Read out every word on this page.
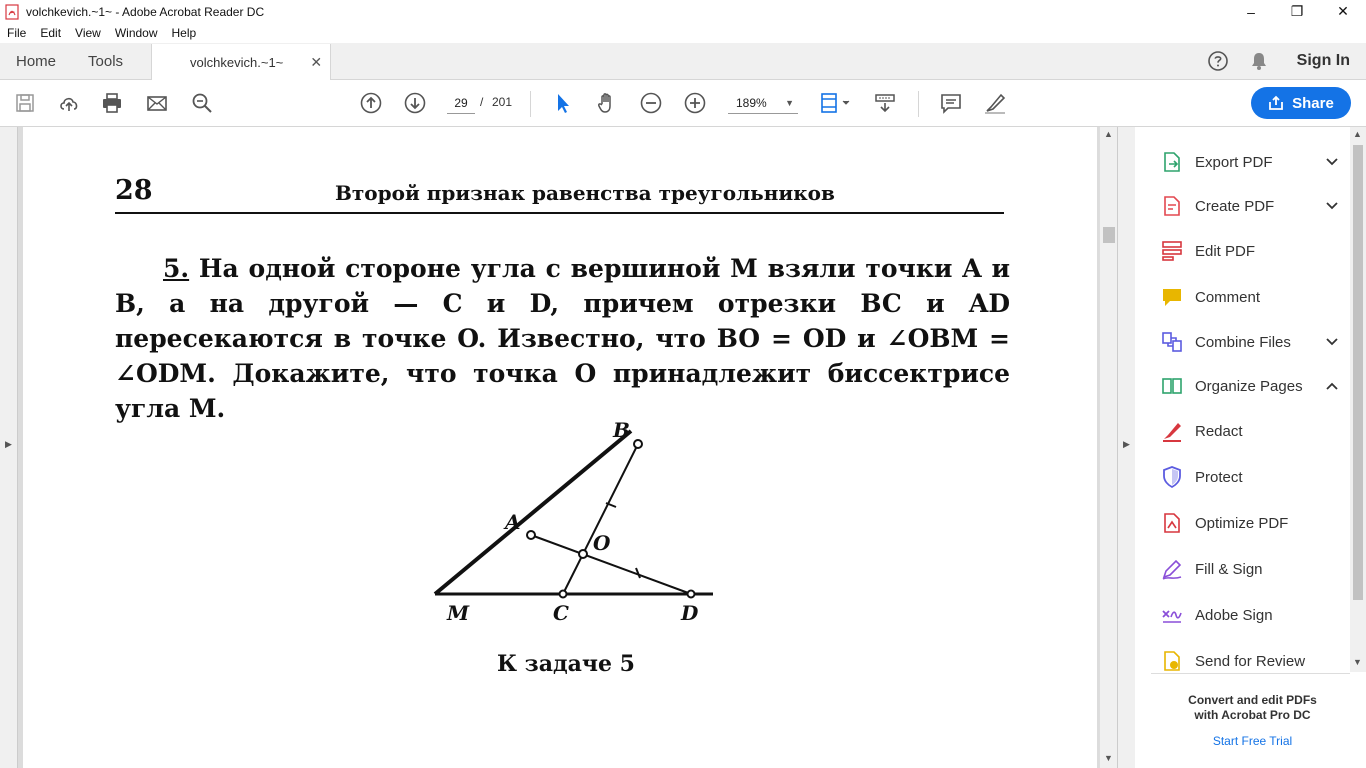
volchkevich.~1~ - Adobe Acrobat Reader DC	–	❐	✕
File	Edit	View	Window	Help
Home	Tools	volchkevich.~1~ ✕	Sign In
29
/ 201	189% ▼	Share
▶
28	Второй признак равенства треугольников

5. На одной стороне угла с вершиной M взяли точки A и B, а на другой — C и D, причем отрезки BC и AD пересекаются в точке O. Известно, что BO = OD и ∠OBM = ∠ODM. Докажите, что точка O принадлежит биссектрисе угла M.

B
A
O
M	C	D
К задаче 5
▲
▼
▶
Export PDF
Create PDF
Edit PDF
Comment
Combine Files
Organize Pages
Redact
Protect
Optimize PDF
Fill & Sign
Adobe Sign
Send for Review
▲
▼
Convert and edit PDFs
with Acrobat Pro DC
Start Free Trial
